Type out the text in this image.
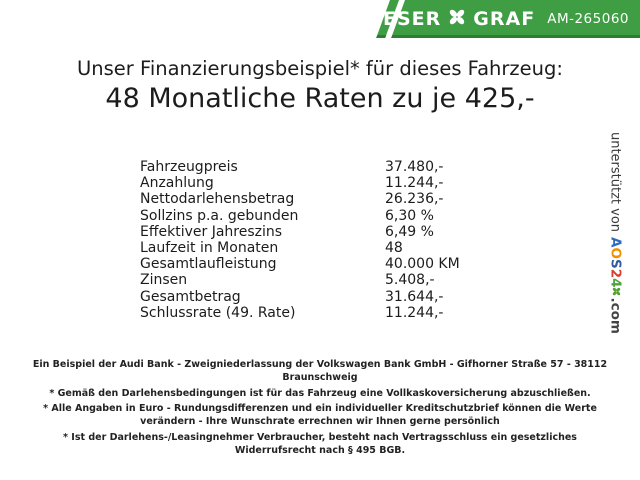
FESER GRAF AM-265060
Unser Finanzierungsbeispiel* für dieses Fahrzeug:
48 Monatliche Raten zu je 425,-
Fahrzeugpreis	37.480,-
Anzahlung	11.244,-
Nettodarlehensbetrag	26.236,-
Sollzins p.a. gebunden	6,30 %
Effektiver Jahreszins	6,49 %
Laufzeit in Monaten	48
Gesamtlaufleistung	40.000 KM
Zinsen	5.408,-
Gesamtbetrag	31.644,-
Schlussrate (49. Rate)	11.244,-
unterstützt von
A
O
S
2
4
.com

Ein Beispiel der Audi Bank - Zweigniederlassung der Volkswagen Bank GmbH - Gifhorner Straße 57 - 38112 Braunschweig

* Gemäß den Darlehensbedingungen ist für das Fahrzeug eine Vollkaskoversicherung abzuschließen.

* Alle Angaben in Euro - Rundungsdifferenzen und ein individueller Kreditschutzbrief können die Werte verändern - Ihre Wunschrate errechnen wir Ihnen gerne persönlich

* Ist der Darlehens-/Leasingnehmer Verbraucher, besteht nach Vertragsschluss ein gesetzliches Widerrufsrecht nach § 495 BGB.
